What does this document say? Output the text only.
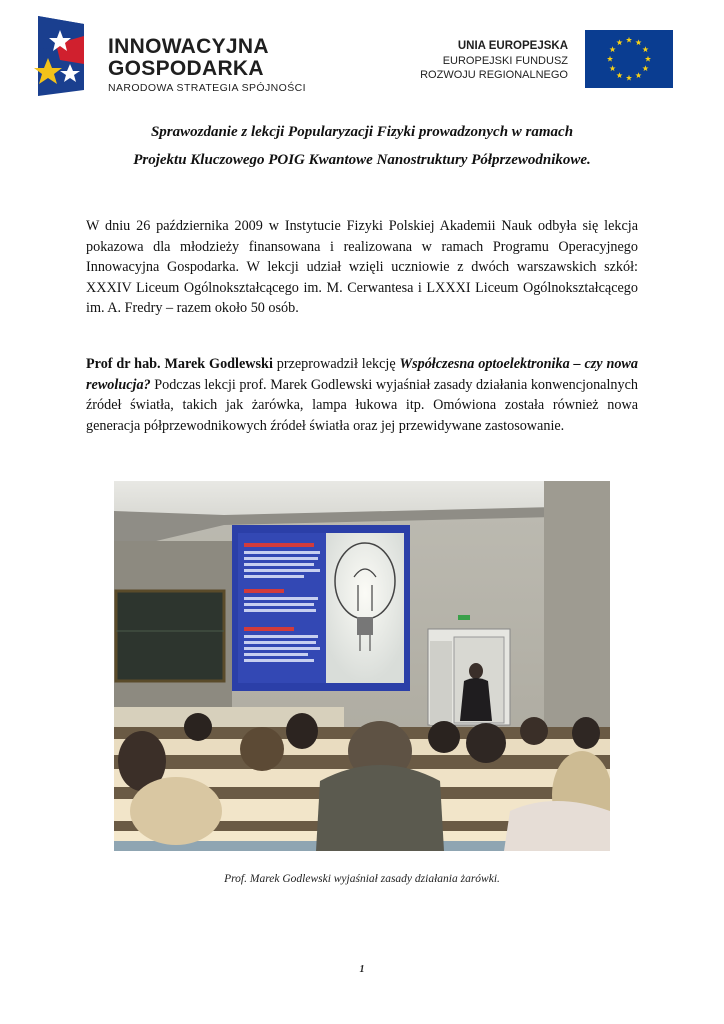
INNOWACYJNA
GOSPODARKA
NARODOWA STRATEGIA SPÓJNOŚCI
UNIA EUROPEJSKA
EUROPEJSKI FUNDUSZ
ROZWOJU REGIONALNEGO
Sprawozdanie z lekcji Popularyzacji Fizyki prowadzonych w ramach
Projektu Kluczowego POIG Kwantowe Nanostruktury Półprzewodnikowe.
W dniu 26 października 2009 w Instytucie Fizyki Polskiej Akademii Nauk odbyła się lekcja pokazowa dla młodzieży finansowana i realizowana w ramach Programu Operacyjnego Innowacyjna Gospodarka. W lekcji udział wzięli uczniowie z dwóch warszawskich szkół: XXXIV Liceum Ogólnokształcącego im. M. Cerwantesa i LXXXI Liceum Ogólnokształcącego im. A. Fredry – razem około 50 osób.
Prof dr hab. Marek Godlewski przeprowadził lekcję Współczesna optoelektronika – czy nowa rewolucja? Podczas lekcji prof. Marek Godlewski wyjaśniał zasady działania konwencjonalnych źródeł światła, takich jak żarówka, lampa łukowa itp. Omówiona została również nowa generacja półprzewodnikowych źródeł światła oraz jej przewidywane zastosowanie.
Prof. Marek Godlewski wyjaśniał zasady działania żarówki.
1
